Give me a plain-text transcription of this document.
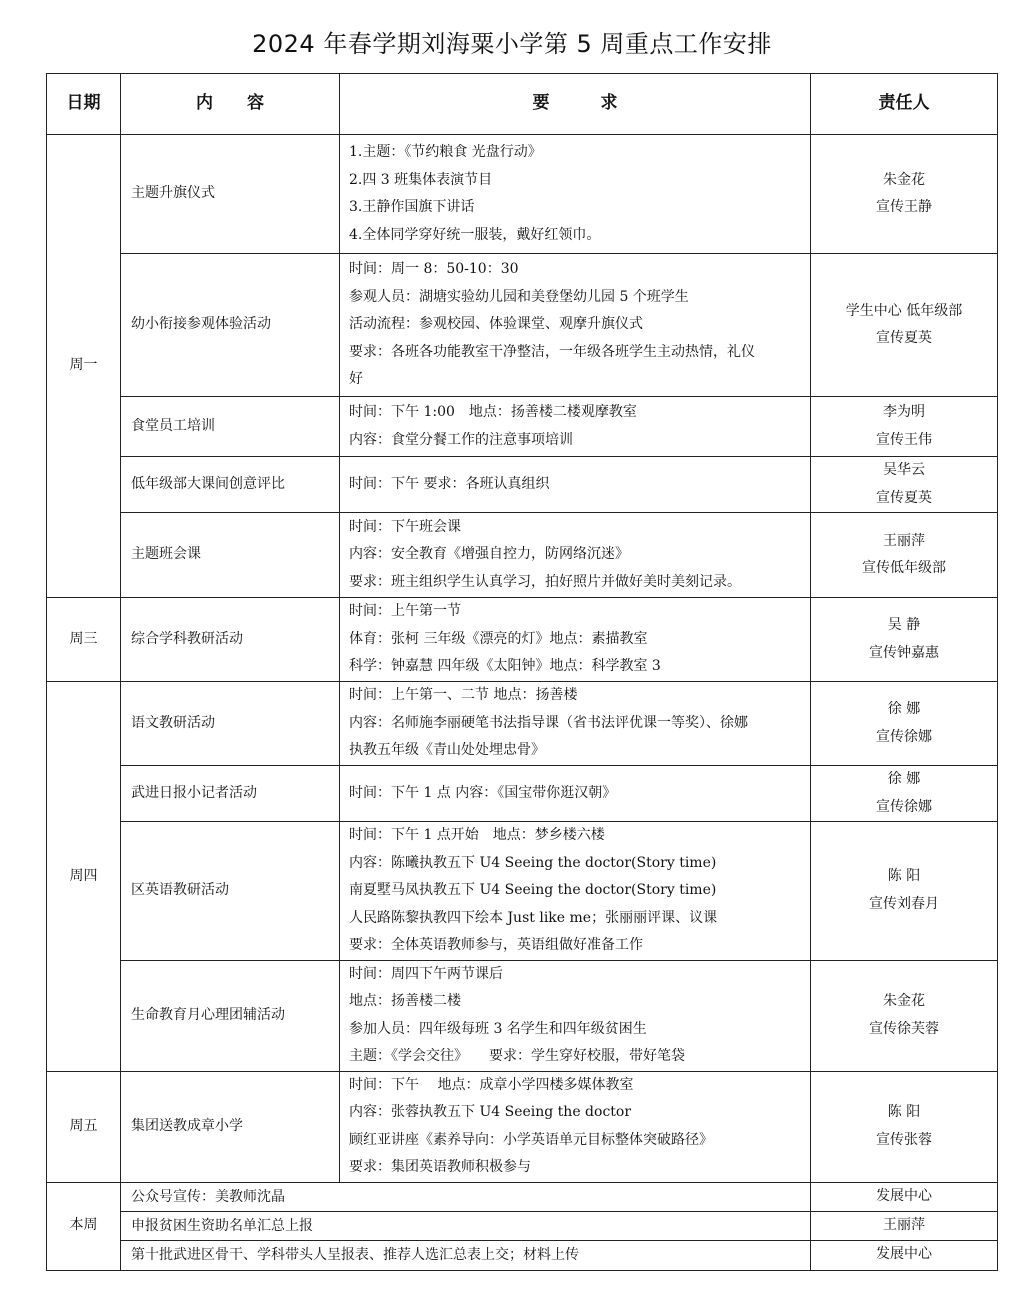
2024 年春学期刘海粟小学第 5 周重点工作安排
日期	内　　容	要　　　求	责任人
周一	主题升旗仪式	1.主题：《节约粮食 光盘行动》
2.四 3 班集体表演节目
3.王静作国旗下讲话
4.全体同学穿好统一服装，戴好红领巾。	朱金花
宣传王静

	幼小衔接参观体验活动	时间：周一 8：50-10：30
参观人员：湖塘实验幼儿园和美登堡幼儿园 5 个班学生
活动流程：参观校园、体验课堂、观摩升旗仪式
要求：各班各功能教室干净整洁，一年级各班学生主动热情，礼仪
好	学生中心 低年级部
宣传夏英

	食堂员工培训	时间：下午 1:00　地点：扬善楼二楼观摩教室
内容：食堂分餐工作的注意事项培训	李为明
宣传王伟

	低年级部大课间创意评比	时间：下午 要求：各班认真组织	吴华云
宣传夏英

	主题班会课	时间：下午班会课
内容：安全教育《增强自控力，防网络沉迷》
要求：班主组织学生认真学习，拍好照片并做好美时美刻记录。	王丽萍
宣传低年级部

周三	综合学科教研活动	时间：上午第一节
体育：张柯 三年级《漂亮的灯》地点：素描教室
科学：钟嘉慧 四年级《太阳钟》地点：科学教室 3	吴 静
宣传钟嘉惠

周四	语文教研活动	时间：上午第一、二节 地点：扬善楼
内容：名师施李丽硬笔书法指导课（省书法评优课一等奖）、徐娜
执教五年级《青山处处埋忠骨》	徐 娜
宣传徐娜

	武进日报小记者活动	时间：下午 1 点 内容：《国宝带你逛汉朝》	徐 娜
宣传徐娜

	区英语教研活动	时间：下午 1 点开始　地点：梦乡楼六楼
内容：陈曦执教五下 U4 Seeing the doctor(Story time)
南夏墅马凤执教五下 U4 Seeing the doctor(Story time)
人民路陈黎执教四下绘本 Just like me；张丽丽评课、议课
要求：全体英语教师参与，英语组做好准备工作	陈 阳
宣传刘春月

	生命教育月心理团辅活动	时间：周四下午两节课后
地点：扬善楼二楼
参加人员：四年级每班 3 名学生和四年级贫困生
主题：《学会交往》　　要求：学生穿好校服，带好笔袋	朱金花
宣传徐芙蓉

周五	集团送教成章小学	时间：下午　 地点：成章小学四楼多媒体教室
内容：张蓉执教五下 U4 Seeing the doctor
顾红亚讲座《素养导向：小学英语单元目标整体突破路径》
要求：集团英语教师积极参与	陈 阳
宣传张蓉

本周	公众号宣传：美教师沈晶		发展中心
	申报贫困生资助名单汇总上报		王丽萍
	第十批武进区骨干、学科带头人呈报表、推荐人选汇总表上交；材料上传		发展中心
